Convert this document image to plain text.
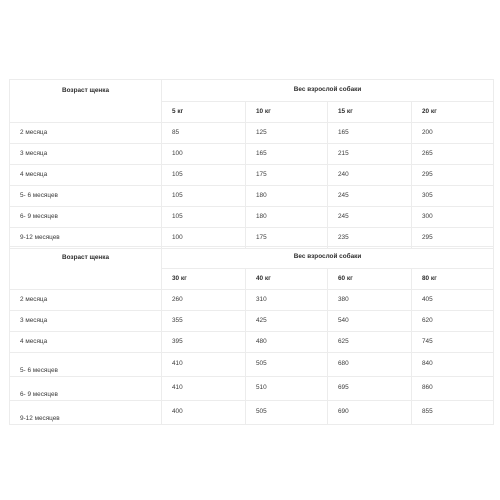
Возраст щенка	Вес взрослой собаки			
	5 кг	10 кг	15 кг	20 кг
2 месяца	85	125	165	200
3 месяца	100	165	215	265
4 месяца	105	175	240	295
5- 6 месяцев	105	180	245	305
6- 9 месяцев	105	180	245	300
9-12 месяцев	100	175	235	295
Возраст щенка	Вес взрослой собаки			
	30 кг	40 кг	60 кг	80 кг
2 месяца	260	310	380	405
3 месяца	355	425	540	620
4 месяца	395	480	625	745
5- 6 месяцев	410	505	680	840
6- 9 месяцев	410	510	695	860
9-12 месяцев	400	505	690	855
